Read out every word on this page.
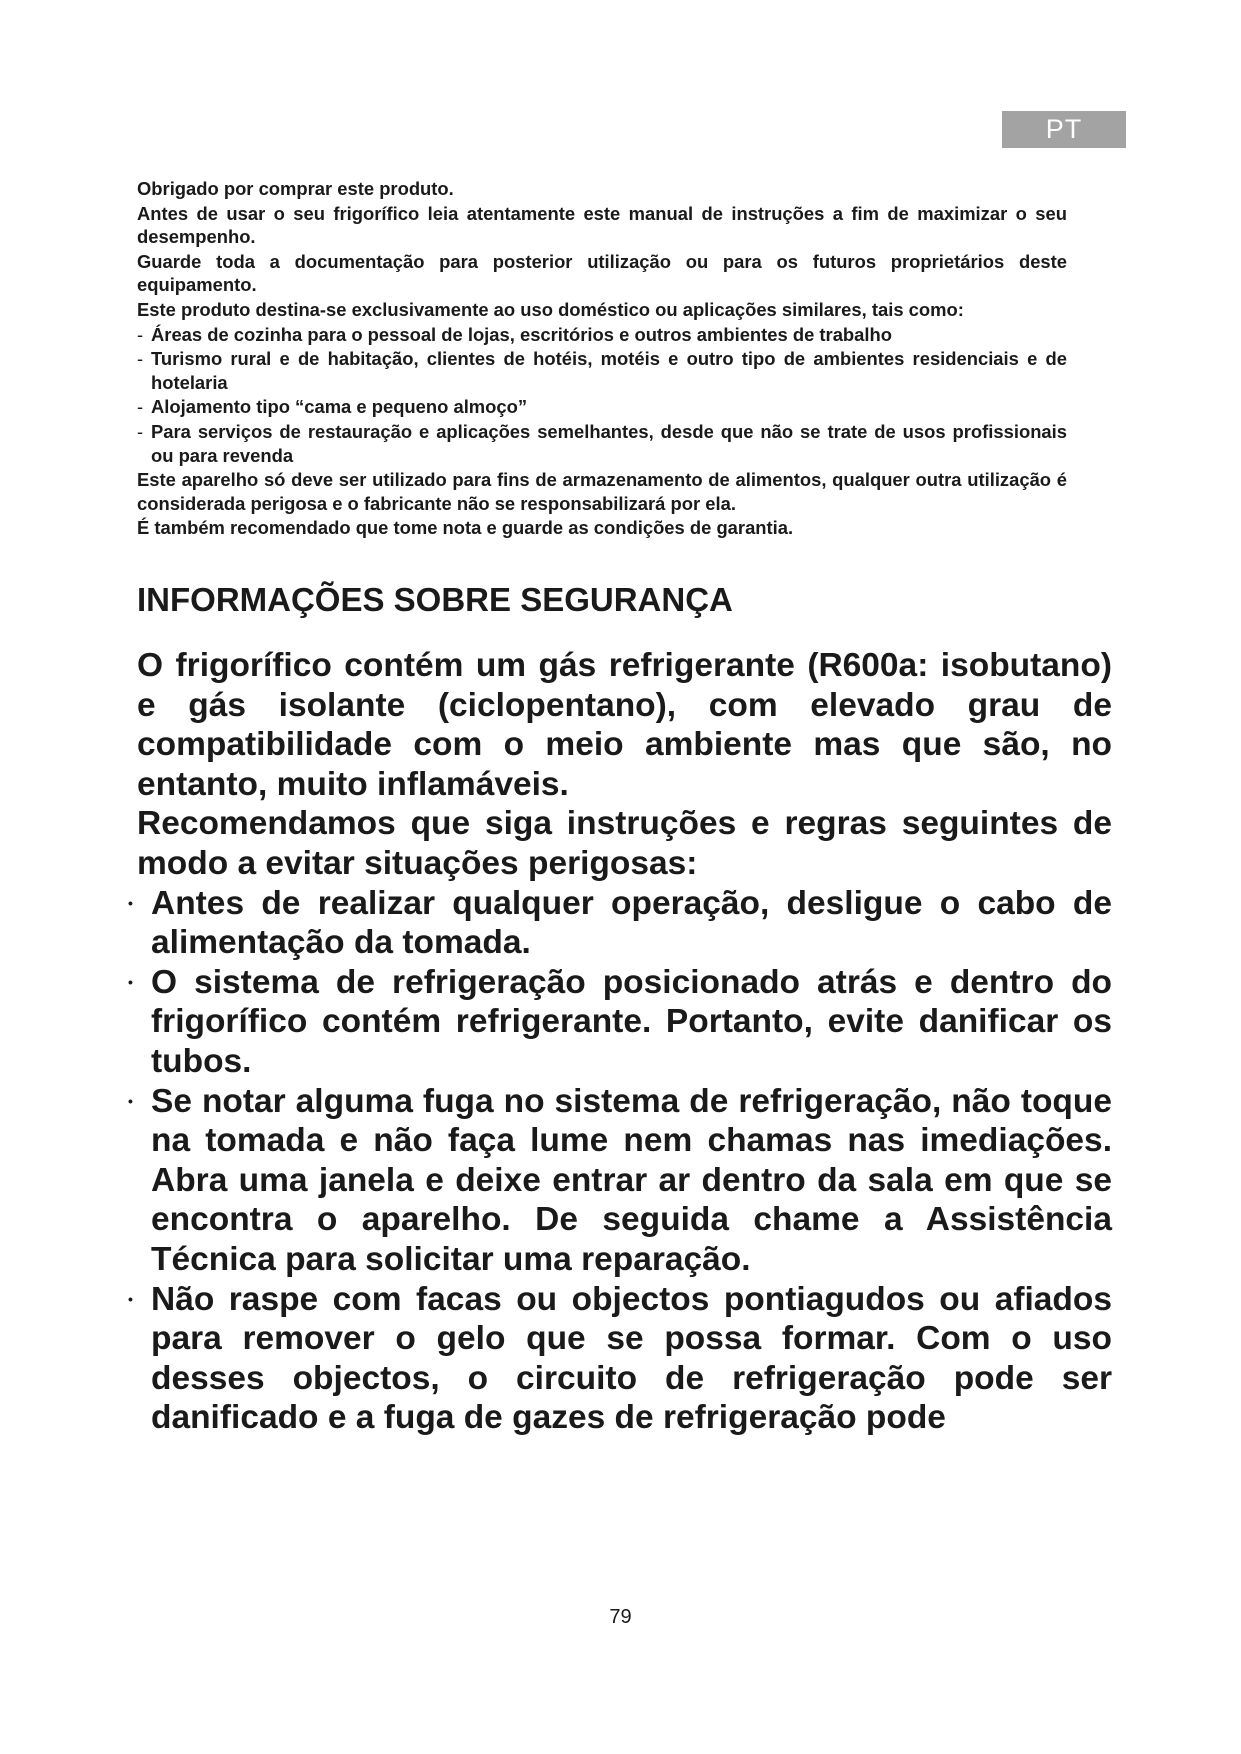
PT

Obrigado por comprar este produto.

Antes de usar o seu frigorífico leia atentamente este manual de instruções a fim de maximizar o seu desempenho.

Guarde toda a documentação para posterior utilização ou para os futuros proprietários deste equipamento.

Este produto destina-se exclusivamente ao uso doméstico ou aplicações similares, tais como:

- Áreas de cozinha para o pessoal de lojas, escritórios e outros ambientes de trabalho
- Turismo rural e de habitação, clientes de hotéis, motéis e outro tipo de ambientes residenciais e de hotelaria
- Alojamento tipo “cama e pequeno almoço”
- Para serviços de restauração e aplicações semelhantes, desde que não se trate de usos profissionais ou para revenda

Este aparelho só deve ser utilizado para fins de armazenamento de alimentos, qualquer outra utilização é considerada perigosa e o fabricante não se responsabilizará por ela.

É também recomendado que tome nota e guarde as condições de garantia.

INFORMAÇÕES SOBRE SEGURANÇA

O frigorífico contém um gás refrigerante (R600a: isobutano) e gás isolante (ciclopentano), com elevado grau de compatibilidade com o meio ambiente mas que são, no entanto, muito inflamáveis.

Recomendamos que siga instruções e regras seguintes de modo a evitar situações perigosas:

• Antes de realizar qualquer operação, desligue o cabo de alimentação da tomada.
• O sistema de refrigeração posicionado atrás e dentro do frigorífico contém refrigerante. Portanto, evite danificar os tubos.
• Se notar alguma fuga no sistema de refrigeração, não toque na tomada e não faça lume nem chamas nas imediações. Abra uma janela e deixe entrar ar dentro da sala em que se encontra o aparelho. De seguida chame a Assistência Técnica para solicitar uma reparação.
• Não raspe com facas ou objectos pontiagudos ou afiados para remover o gelo que se possa formar. Com o uso desses objectos, o circuito de refrigeração pode ser danificado e a fuga de gazes de refrigeração pode
79
